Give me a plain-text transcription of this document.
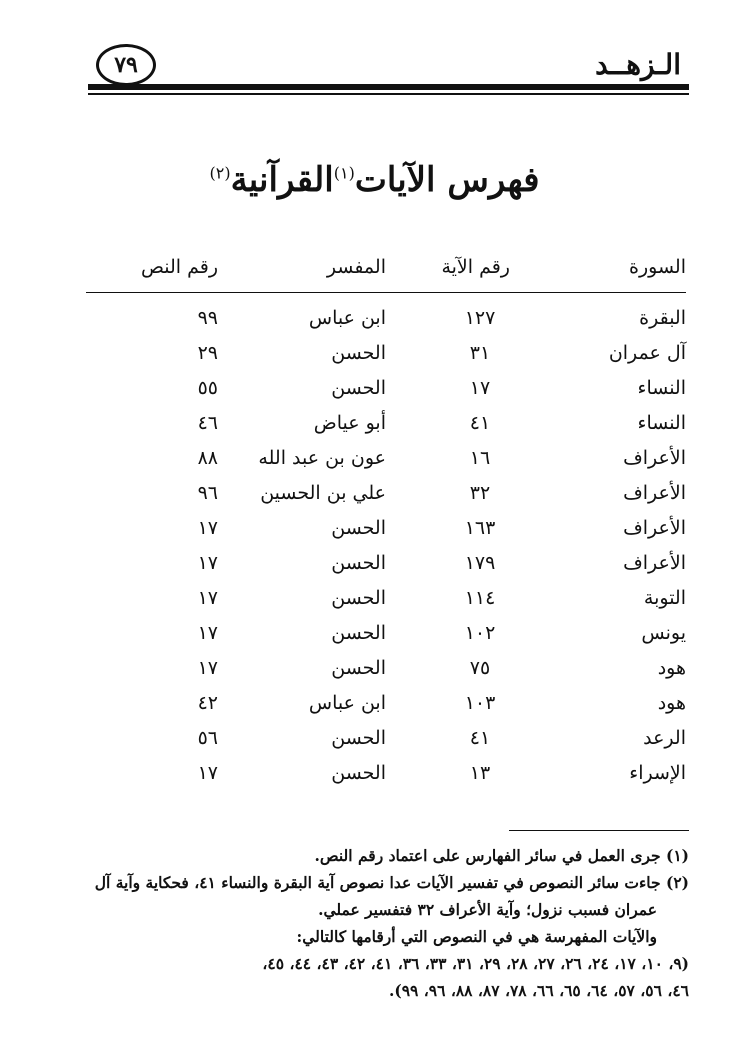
٧٩	الـزهــد
فهرس الآيات$^{(١)}$القرآنية$^{(٢)}$
السورة
رقم الآية
المفسر
رقم النص
البقرة
١٢٧
ابن عباس
٩٩
آل عمران
٣١
الحسن
٢٩
النساء
١٧
الحسن
٥٥
النساء
٤١
أبو عياض
٤٦
الأعراف
١٦
عون بن عبد الله
٨٨
الأعراف
٣٢
علي بن الحسين
٩٦
الأعراف
١٦٣
الحسن
١٧
الأعراف
١٧٩
الحسن
١٧
التوبة
١١٤
الحسن
١٧
يونس
١٠٢
الحسن
١٧
هود
٧٥
الحسن
١٧
هود
١٠٣
ابن عباس
٤٢
الرعد
٤١
الحسن
٥٦
الإسراء
١٣
الحسن
١٧

(١) جرى العمل في سائر الفهارس على اعتماد رقم النص.

(٢) جاءت سائر النصوص في تفسير الآيات عدا نصوص آية البقرة والنساء ٤١، فحكاية وآية آل

عمران فسبب نزول؛ وآية الأعراف ٣٢ فتفسير عملي.

والآيات المفهرسة هي في النصوص التي أرقامها كالتالي:

(٩، ١٠، ١٧، ٢٤، ٢٦، ٢٧، ٢٨، ٢٩، ٣١، ٣٣، ٣٦، ٤١، ٤٢، ٤٣، ٤٤، ٤٥،

٤٦، ٥٦، ٥٧، ٦٤، ٦٥، ٦٦، ٧٨، ٨٧، ٨٨، ٩٦، ٩٩).
